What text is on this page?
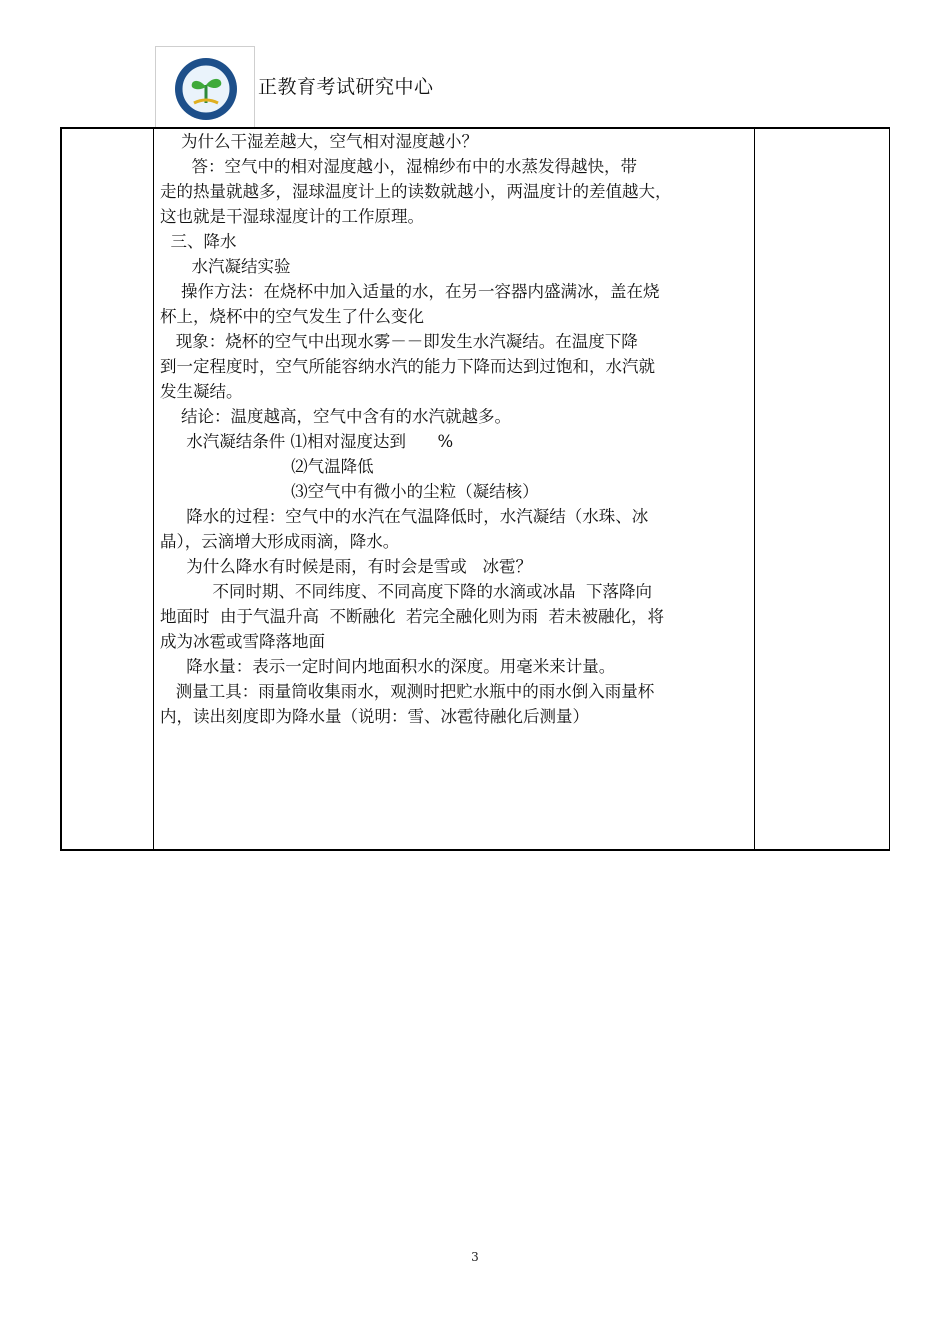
正教育考试研究中心

为什么干湿差越大，空气相对湿度越小？

答：空气中的相对湿度越小，湿棉纱布中的水蒸发得越快，带

走的热量就越多，湿球温度计上的读数就越小，两温度计的差值越大，

这也就是干湿球湿度计的工作原理。

三、降水

水汽凝结实验

操作方法：在烧杯中加入适量的水，在另一容器内盛满冰，盖在烧

杯上，烧杯中的空气发生了什么变化

现象：烧杯的空气中出现水雾－－即发生水汽凝结。在温度下降

到一定程度时，空气所能容纳水汽的能力下降而达到过饱和，水汽就

发生凝结。

结论：温度越高，空气中含有的水汽就越多。

水汽凝结条件 ⑴相对湿度达到      %

⑵气温降低

⑶空气中有微小的尘粒（凝结核）

降水的过程：空气中的水汽在气温降低时，水汽凝结（水珠、冰

晶），云滴增大形成雨滴，降水。

为什么降水有时候是雨，有时会是雪或   冰雹？

不同时期、不同纬度、不同高度下降的水滴或冰晶  下落降向

地面时  由于气温升高  不断融化  若完全融化则为雨  若未被融化，将

成为冰雹或雪降落地面

降水量：表示一定时间内地面积水的深度。用毫米来计量。

测量工具：雨量筒收集雨水，观测时把贮水瓶中的雨水倒入雨量杯

内，读出刻度即为降水量（说明：雪、冰雹待融化后测量）

3
